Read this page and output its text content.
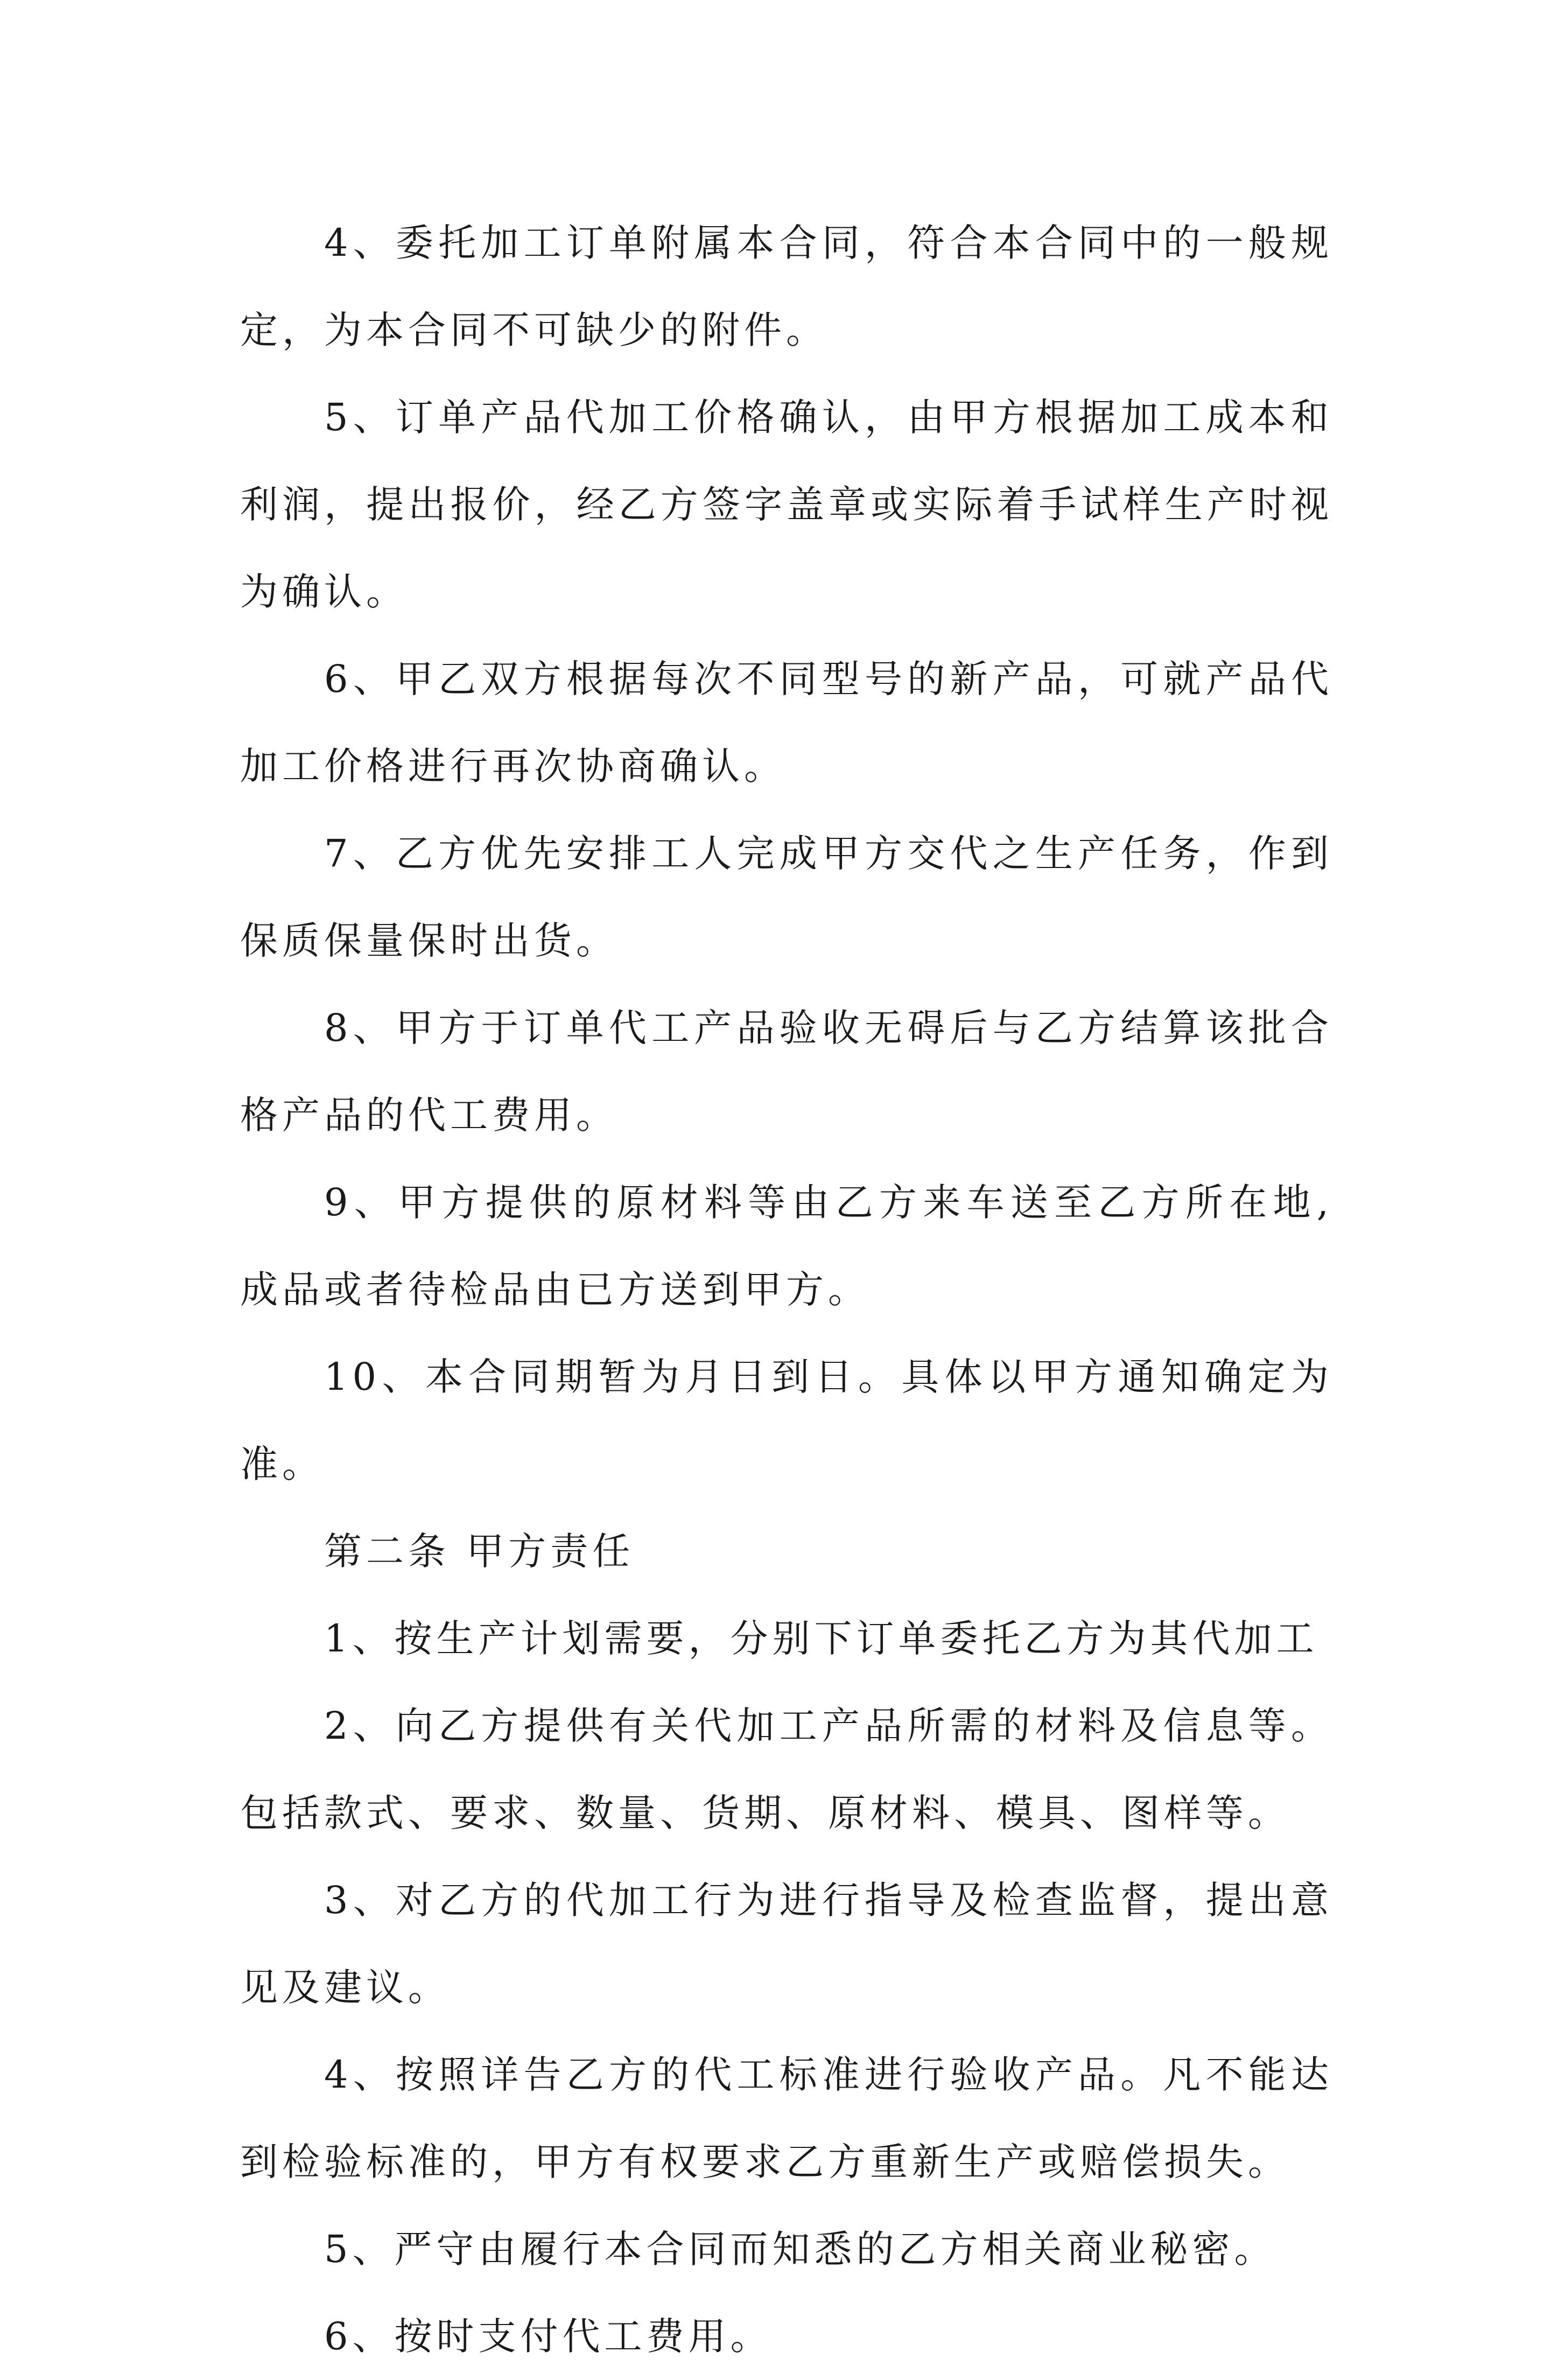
4、委托加工订单附属本合同，符合本合同中的一般规定，为本合同不可缺少的附件。

5、订单产品代加工价格确认，由甲方根据加工成本和利润，提出报价，经乙方签字盖章或实际着手试样生产时视为确认。

6、甲乙双方根据每次不同型号的新产品，可就产品代加工价格进行再次协商确认。

7、乙方优先安排工人完成甲方交代之生产任务，作到保质保量保时出货。

8、甲方于订单代工产品验收无碍后与乙方结算该批合格产品的代工费用。

9、甲方提供的原材料等由乙方来车送至乙方所在地,成品或者待检品由已方送到甲方。

10、本合同期暂为月日到日。具体以甲方通知确定为准。

第二条 甲方责任

1、按生产计划需要，分别下订单委托乙方为其代加工

2、向乙方提供有关代加工产品所需的材料及信息等。包括款式、要求、数量、货期、原材料、模具、图样等。

3、对乙方的代加工行为进行指导及检查监督，提出意见及建议。

4、按照详告乙方的代工标准进行验收产品。凡不能达到检验标准的，甲方有权要求乙方重新生产或赔偿损失。

5、严守由履行本合同而知悉的乙方相关商业秘密。

6、按时支付代工费用。
